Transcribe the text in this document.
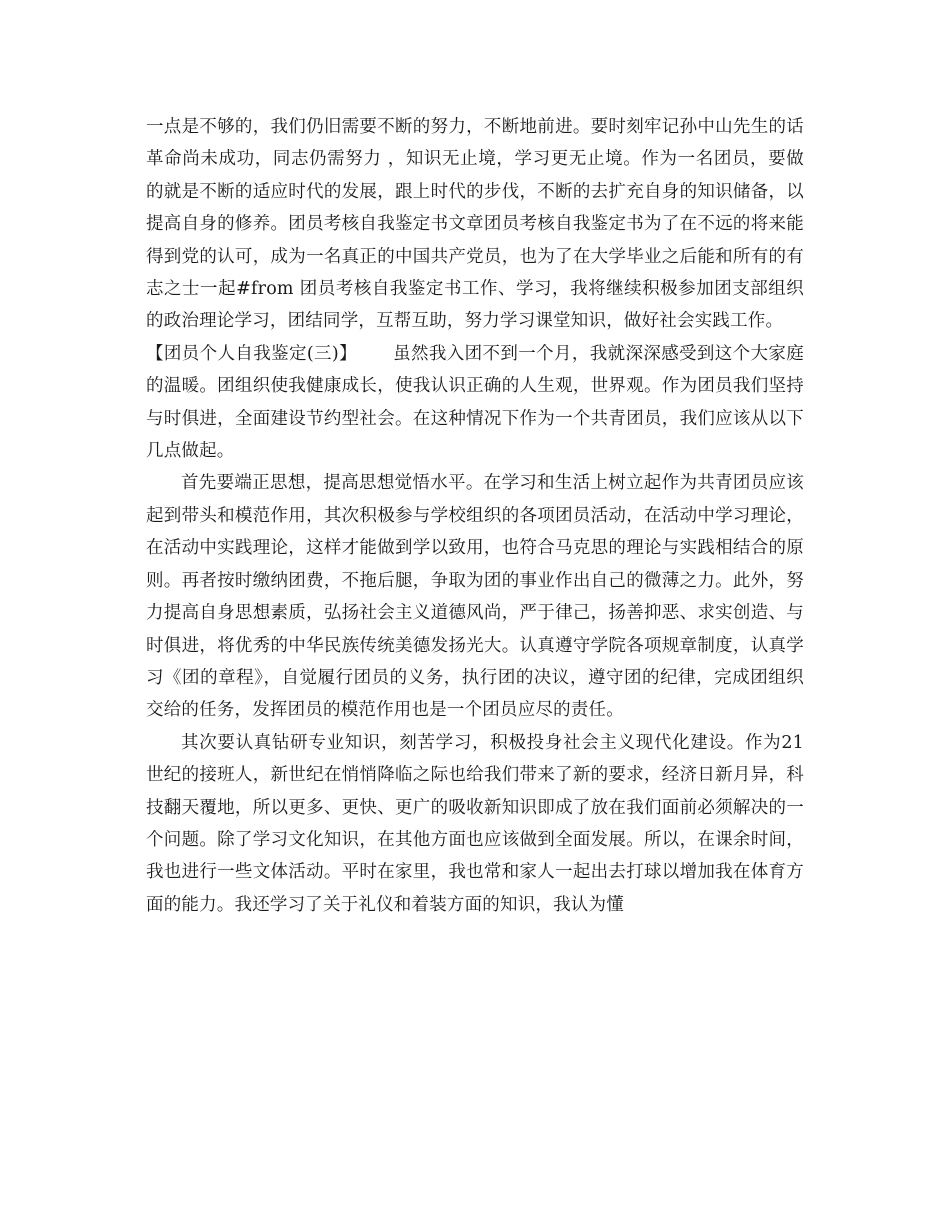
一点是不够的，我们仍旧需要不断的努力，不断地前进。要时刻牢记孙中山先生的话 革命尚未成功，同志仍需努力 ，知识无止境，学习更无止境。作为一名团员，要做的就是不断的适应时代的发展，跟上时代的步伐，不断的去扩充自身的知识储备，以提高自身的修养。团员考核自我鉴定书文章团员考核自我鉴定书为了在不远的将来能得到党的认可，成为一名真正的中国共产党员，也为了在大学毕业之后能和所有的有志之士一起#from 团员考核自我鉴定书工作、学习，我将继续积极参加团支部组织的政治理论学习，团结同学，互帮互助，努力学习课堂知识，做好社会实践工作。

【团员个人自我鉴定(三)】 虽然我入团不到一个月，我就深深感受到这个大家庭的温暖。团组织使我健康成长，使我认识正确的人生观，世界观。作为团员我们坚持与时俱进，全面建设节约型社会。在这种情况下作为一个共青团员，我们应该从以下几点做起。

首先要端正思想，提高思想觉悟水平。在学习和生活上树立起作为共青团员应该起到带头和模范作用，其次积极参与学校组织的各项团员活动，在活动中学习理论，在活动中实践理论，这样才能做到学以致用，也符合马克思的理论与实践相结合的原则。再者按时缴纳团费，不拖后腿，争取为团的事业作出自己的微薄之力。此外，努力提高自身思想素质，弘扬社会主义道德风尚，严于律己，扬善抑恶、求实创造、与时俱进，将优秀的中华民族传统美德发扬光大。认真遵守学院各项规章制度，认真学习《团的章程》，自觉履行团员的义务，执行团的决议，遵守团的纪律，完成团组织交给的任务，发挥团员的模范作用也是一个团员应尽的责任。

其次要认真钻研专业知识，刻苦学习，积极投身社会主义现代化建设。作为21世纪的接班人，新世纪在悄悄降临之际也给我们带来了新的要求，经济日新月异，科技翻天覆地，所以更多、更快、更广的吸收新知识即成了放在我们面前必须解决的一个问题。除了学习文化知识，在其他方面也应该做到全面发展。所以，在课余时间，我也进行一些文体活动。平时在家里，我也常和家人一起出去打球以增加我在体育方面的能力。我还学习了关于礼仪和着装方面的知识，我认为懂
